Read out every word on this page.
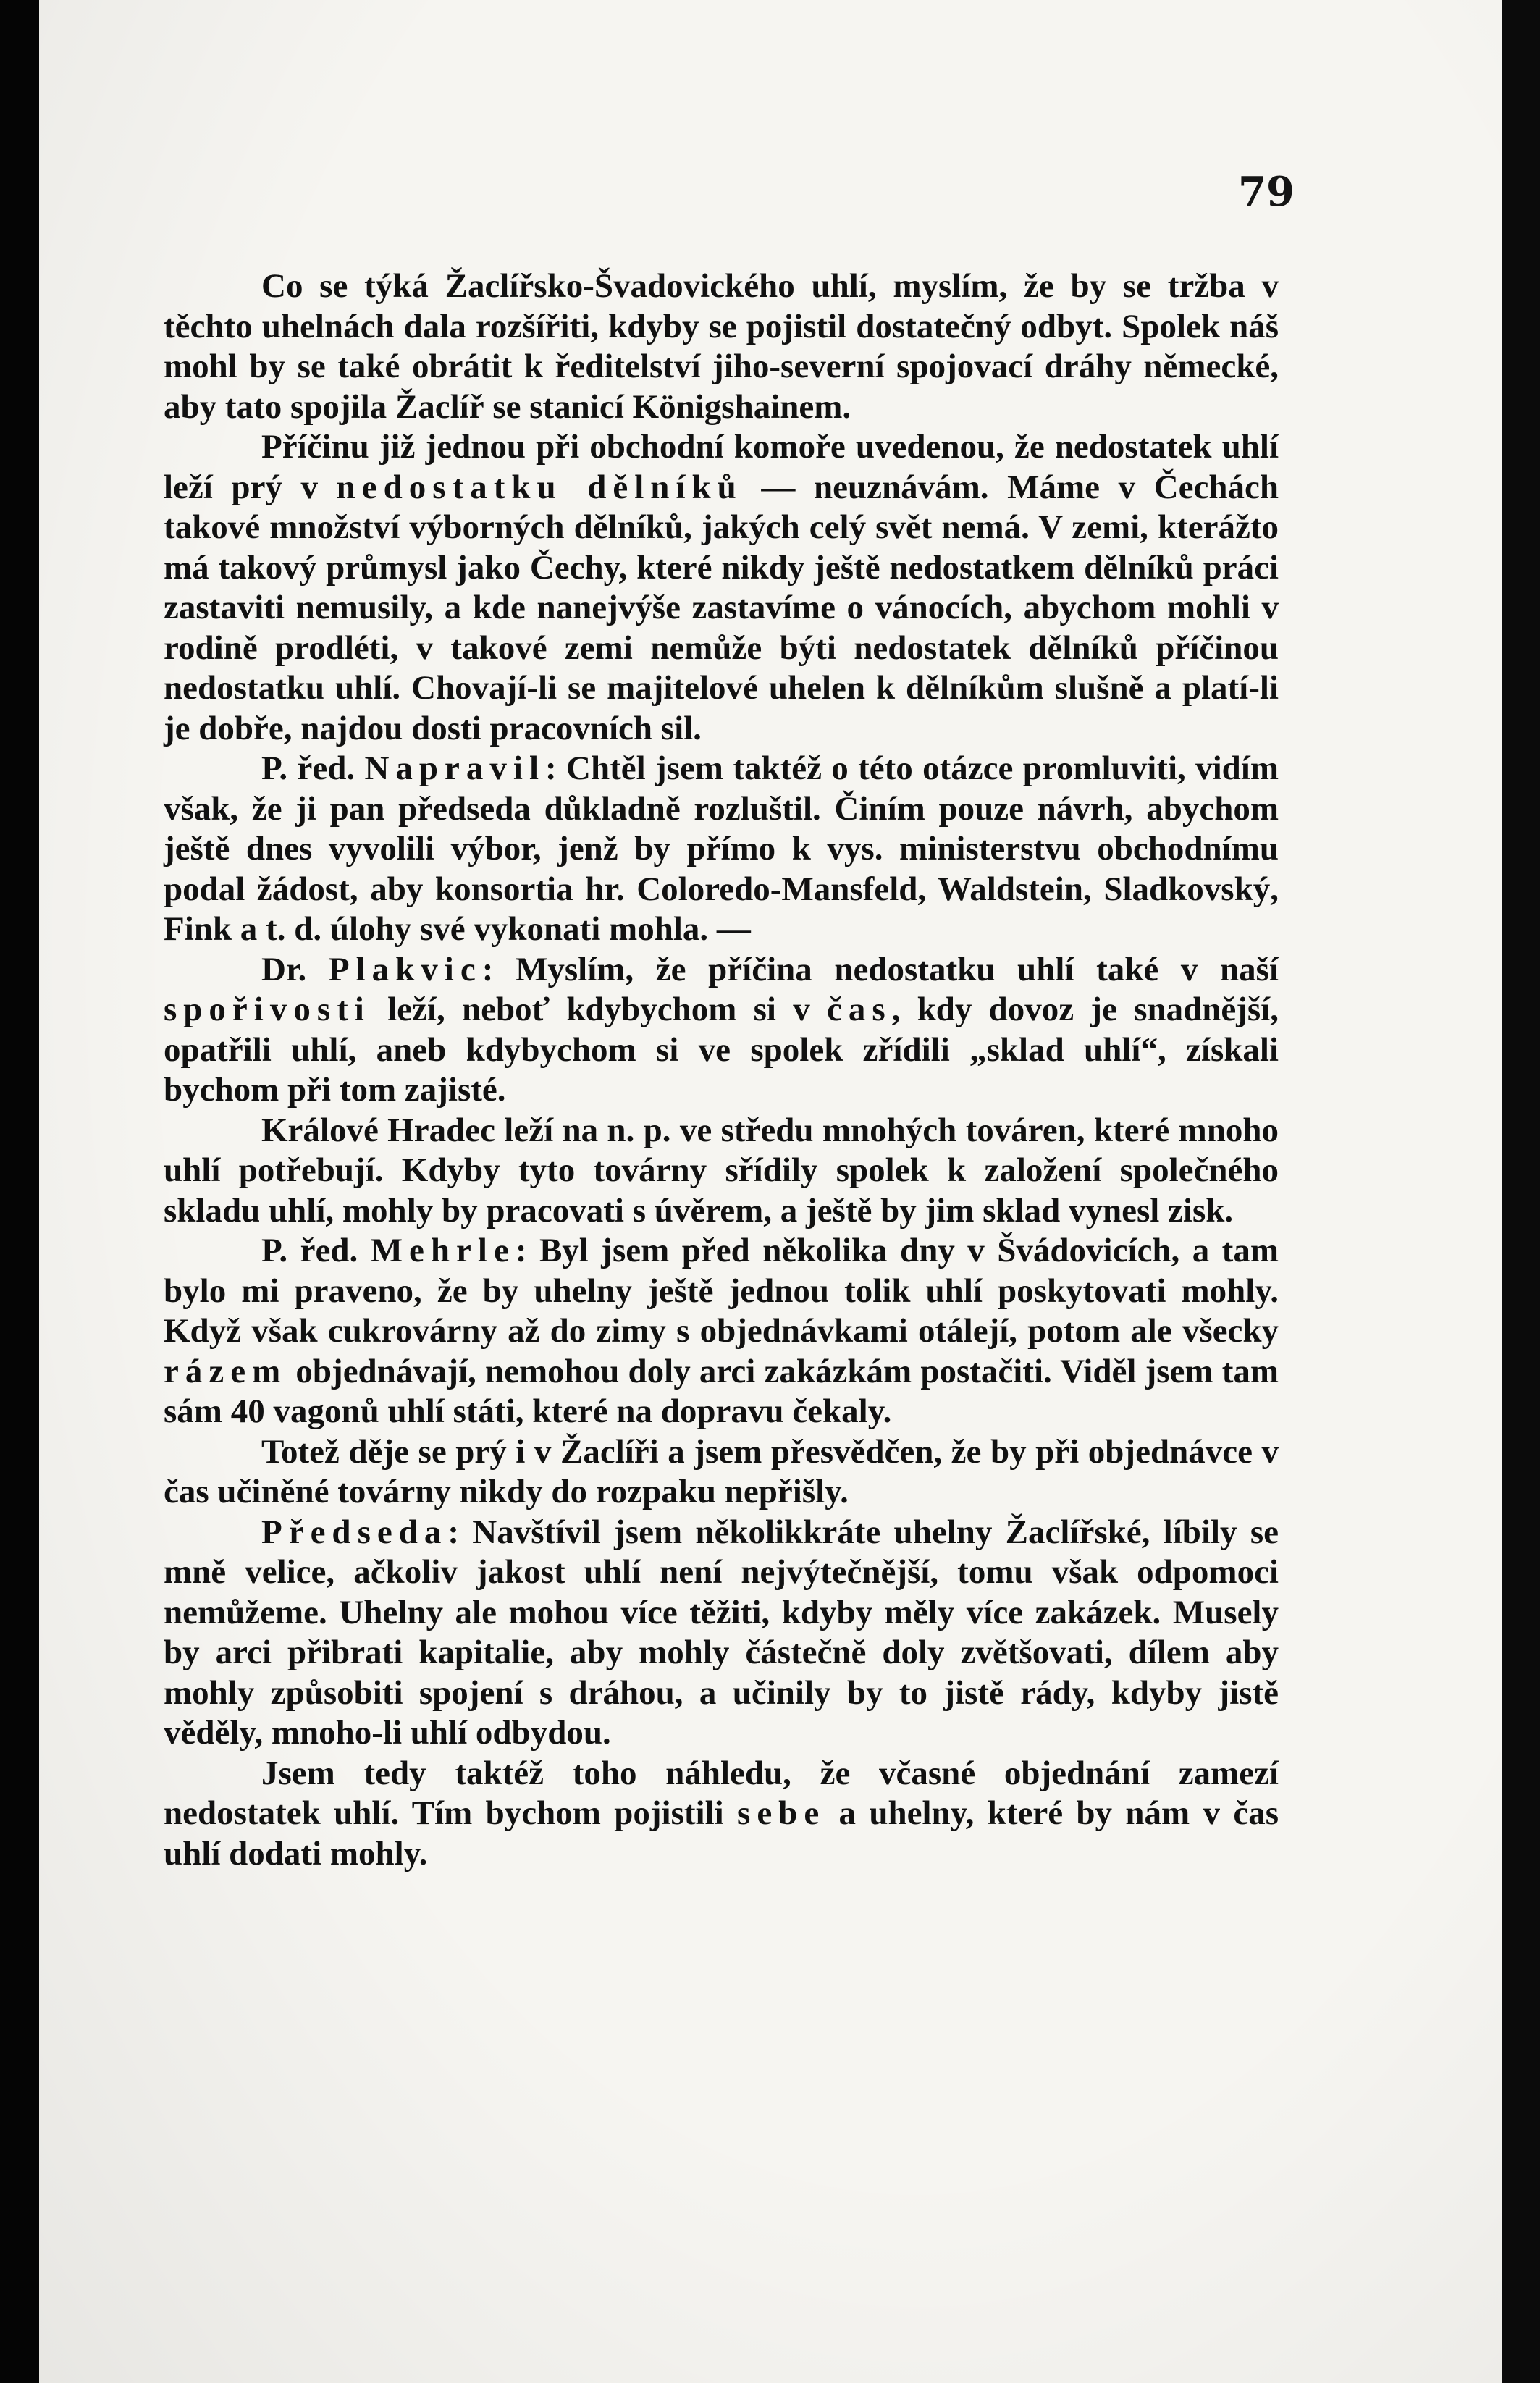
79

Co se týká Žaclířsko-Švadovického uhlí, myslím, že by se tržba v těchto uhelnách dala rozšířiti, kdyby se pojistil dostatečný odbyt. Spolek náš mohl by se také obrátit k ředitelství jiho-severní spojovací dráhy německé, aby tato spojila Žaclíř se stanicí Königshainem.

Příčinu již jednou při obchodní komoře uvedenou, že nedostatek uhlí leží prý v nedostatku dělníků — neuznávám. Máme v Čechách takové množství výborných dělníků, jakých celý svět nemá. V zemi, kterážto má takový průmysl jako Čechy, které nikdy ještě nedostatkem dělníků práci zastaviti nemusily, a kde nanejvýše zastavíme o vánocích, abychom mohli v rodině prodléti, v takové zemi nemůže býti nedostatek dělníků příčinou nedostatku uhlí. Chovají-li se majitelové uhelen k dělníkům slušně a platí-li je dobře, najdou dosti pracovních sil.

P. řed. Napravil: Chtěl jsem taktéž o této otázce promluviti, vidím však, že ji pan předseda důkladně rozluštil. Činím pouze návrh, abychom ještě dnes vyvolili výbor, jenž by přímo k vys. ministerstvu obchodnímu podal žádost, aby konsortia hr. Coloredo-Mansfeld, Waldstein, Sladkovský, Fink a t. d. úlohy své vykonati mohla. —

Dr. Plakvic: Myslím, že příčina nedostatku uhlí také v naší spořivosti leží, neboť kdybychom si v čas, kdy dovoz je snadnější, opatřili uhlí, aneb kdybychom si ve spolek zřídili „sklad uhlí“, získali bychom při tom zajisté.

Králové Hradec leží na n. p. ve středu mnohých továren, které mnoho uhlí potřebují. Kdyby tyto továrny sřídily spolek k založení společného skladu uhlí, mohly by pracovati s úvěrem, a ještě by jim sklad vynesl zisk.

P. řed. Mehrle: Byl jsem před několika dny v Švádovicích, a tam bylo mi praveno, že by uhelny ještě jednou tolik uhlí poskytovati mohly. Když však cukrovárny až do zimy s objednávkami otálejí, potom ale všecky rázem objednávají, nemohou doly arci zakázkám postačiti. Viděl jsem tam sám 40 vagonů uhlí státi, které na dopravu čekaly.

Totež děje se prý i v Žaclíři a jsem přesvědčen, že by při objednávce v čas učiněné továrny nikdy do rozpaku nepřišly.

Předseda: Navštívil jsem několikkráte uhelny Žaclířské, líbily se mně velice, ačkoliv jakost uhlí není nejvýtečnější, tomu však odpomoci nemůžeme. Uhelny ale mohou více těžiti, kdyby měly více zakázek. Musely by arci přibrati kapitalie, aby mohly částečně doly zvětšovati, dílem aby mohly způsobiti spojení s dráhou, a učinily by to jistě rády, kdyby jistě věděly, mnoho-li uhlí odbydou.

Jsem tedy taktéž toho náhledu, že včasné objednání zamezí nedostatek uhlí. Tím bychom pojistili sebe a uhelny, které by nám v čas uhlí dodati mohly.
